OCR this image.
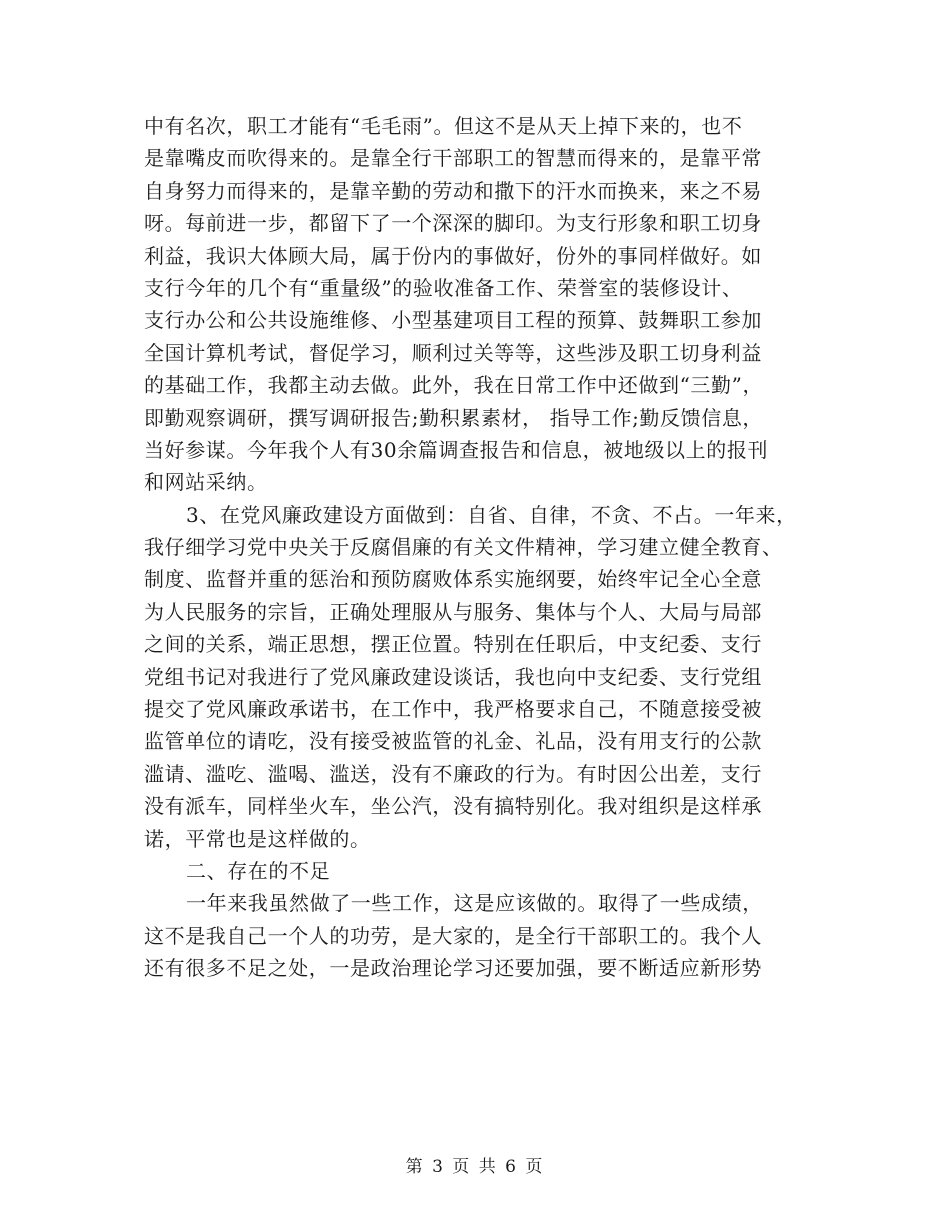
中有名次，职工才能有“毛毛雨”。但这不是从天上掉下来的，也不
是靠嘴皮而吹得来的。是靠全行干部职工的智慧而得来的，是靠平常
自身努力而得来的，是靠辛勤的劳动和撒下的汗水而换来，来之不易
呀。每前进一步，都留下了一个深深的脚印。为支行形象和职工切身
利益，我识大体顾大局，属于份内的事做好，份外的事同样做好。如
支行今年的几个有“重量级”的验收准备工作、荣誉室的装修设计、
支行办公和公共设施维修、小型基建项目工程的预算、鼓舞职工参加
全国计算机考试，督促学习，顺利过关等等，这些涉及职工切身利益
的基础工作，我都主动去做。此外，我在日常工作中还做到“三勤”，
即勤观察调研，撰写调研报告;勤积累素材， 指导工作;勤反馈信息，
当好参谋。今年我个人有30余篇调查报告和信息，被地级以上的报刊
和网站采纳。
3、在党风廉政建设方面做到：自省、自律，不贪、不占。一年来，
我仔细学习党中央关于反腐倡廉的有关文件精神，学习建立健全教育、
制度、监督并重的惩治和预防腐败体系实施纲要，始终牢记全心全意
为人民服务的宗旨，正确处理服从与服务、集体与个人、大局与局部
之间的关系，端正思想，摆正位置。特别在任职后，中支纪委、支行
党组书记对我进行了党风廉政建设谈话，我也向中支纪委、支行党组
提交了党风廉政承诺书，在工作中，我严格要求自己，不随意接受被
监管单位的请吃，没有接受被监管的礼金、礼品，没有用支行的公款
滥请、滥吃、滥喝、滥送，没有不廉政的行为。有时因公出差，支行
没有派车，同样坐火车，坐公汽，没有搞特别化。我对组织是这样承
诺，平常也是这样做的。
二、存在的不足
一年来我虽然做了一些工作，这是应该做的。取得了一些成绩，
这不是我自己一个人的功劳，是大家的，是全行干部职工的。我个人
还有很多不足之处，一是政治理论学习还要加强，要不断适应新形势
第 3 页 共 6 页
